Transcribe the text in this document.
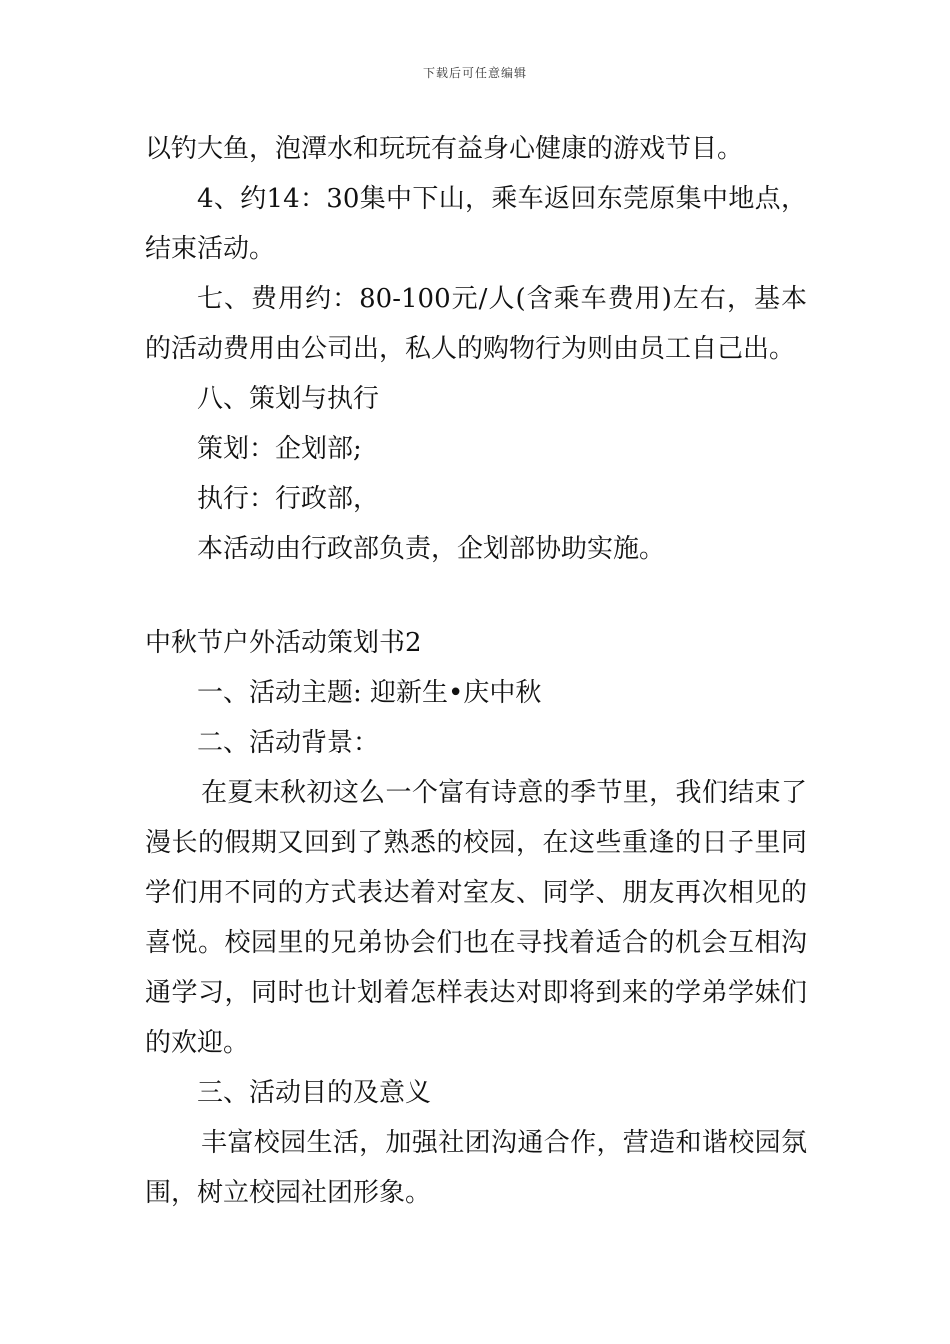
下载后可任意编辑

以钓大鱼，泡潭水和玩玩有益身心健康的游戏节目。

4、约14：30集中下山，乘车返回东莞原集中地点，结束活动。

七、费用约：80-100元/人(含乘车费用)左右，基本的活动费用由公司出，私人的购物行为则由员工自己出。

八、策划与执行

策划：企划部;

执行：行政部，

本活动由行政部负责，企划部协助实施。

中秋节户外活动策划书2

一、活动主题: 迎新生•庆中秋

二、活动背景：

在夏末秋初这么一个富有诗意的季节里，我们结束了漫长的假期又回到了熟悉的校园，在这些重逢的日子里同学们用不同的方式表达着对室友、同学、朋友再次相见的喜悦。校园里的兄弟协会们也在寻找着适合的机会互相沟通学习，同时也计划着怎样表达对即将到来的学弟学妹们的欢迎。

三、活动目的及意义

丰富校园生活，加强社团沟通合作，营造和谐校园氛围，树立校园社团形象。
